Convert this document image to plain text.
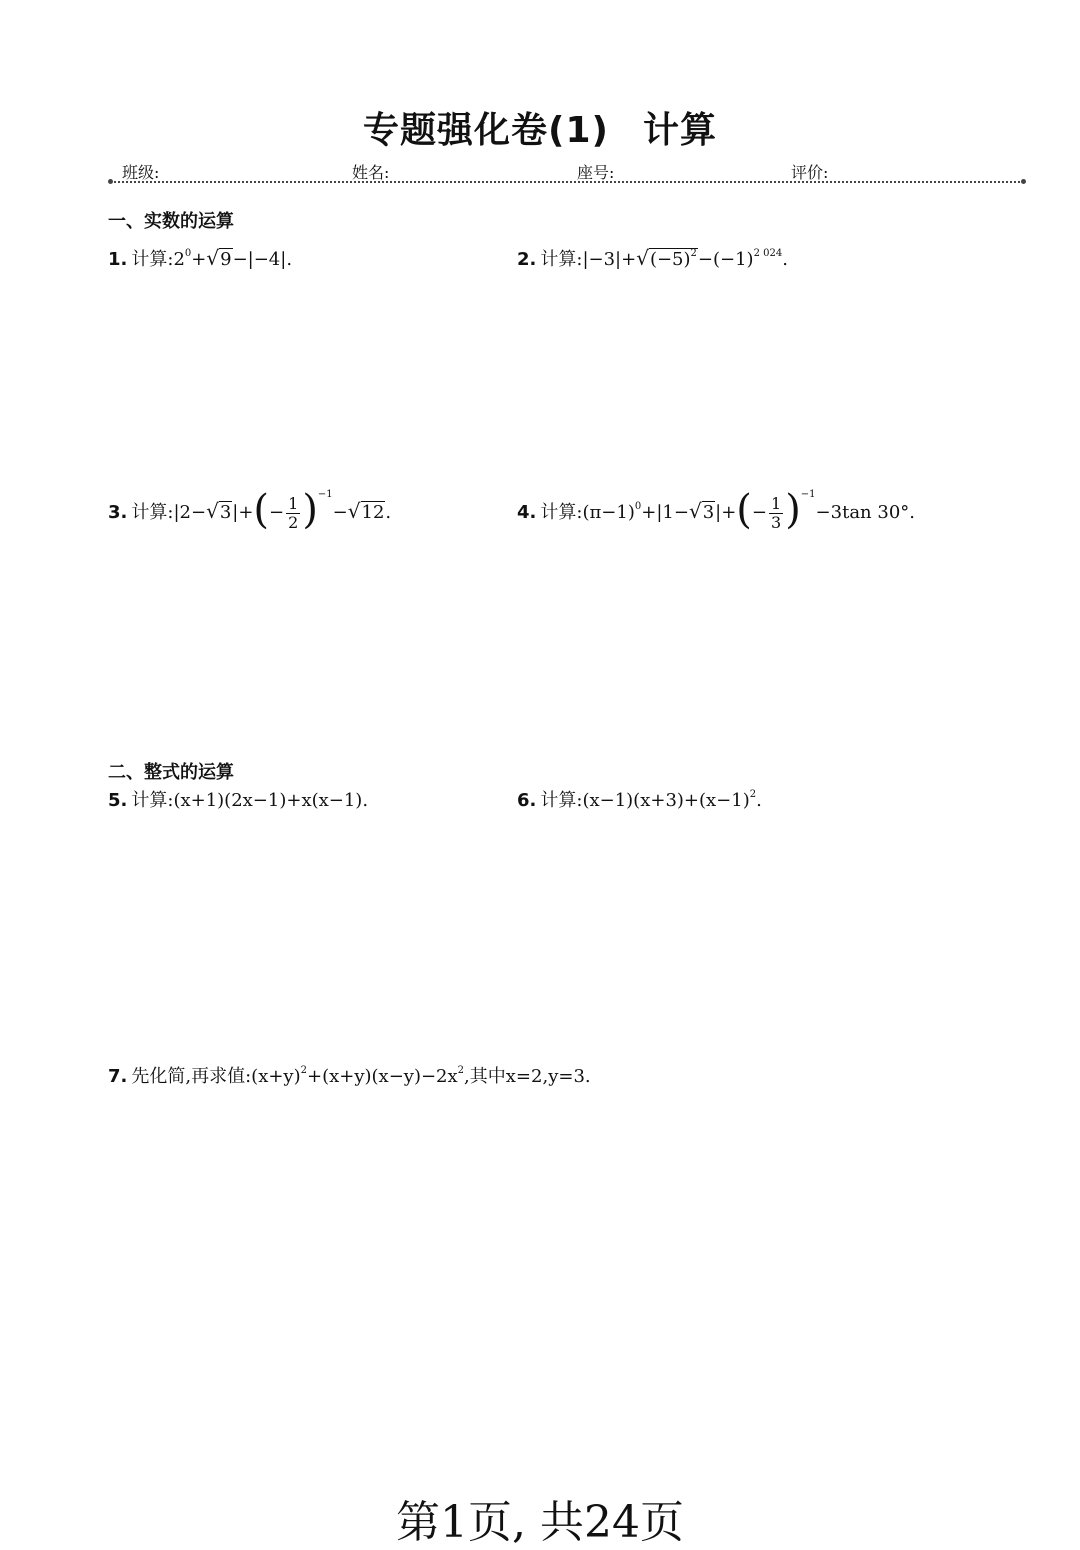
专题强化卷(1) 计算
班级:	姓名:	座号:	评价:
一、实数的运算
1. 计算$:2^0+√9-|-4|$.	2. 计算$:|-3|+√(-5)^2-(-1)^{2 024}$.
3. 计算:|2−√3|+(− $\frac{1}{2} )^{-1}-√12$.	4. 计算$:(\pi-1)^0+|1-√3|+(- \frac{1}{3} )^{-1}-3\tan$ 30°.
二、整式的运算
5. 计算:(x+1)(2x−1)+x(x−1).	6. 计算$:(x-1)(x+3)+(x-1)^2$.
7. 先化简,再求值$:(x+y)^2+(x+y)(x-y)-2x^2$,其中x=2,y=3.
第1页, 共24页
